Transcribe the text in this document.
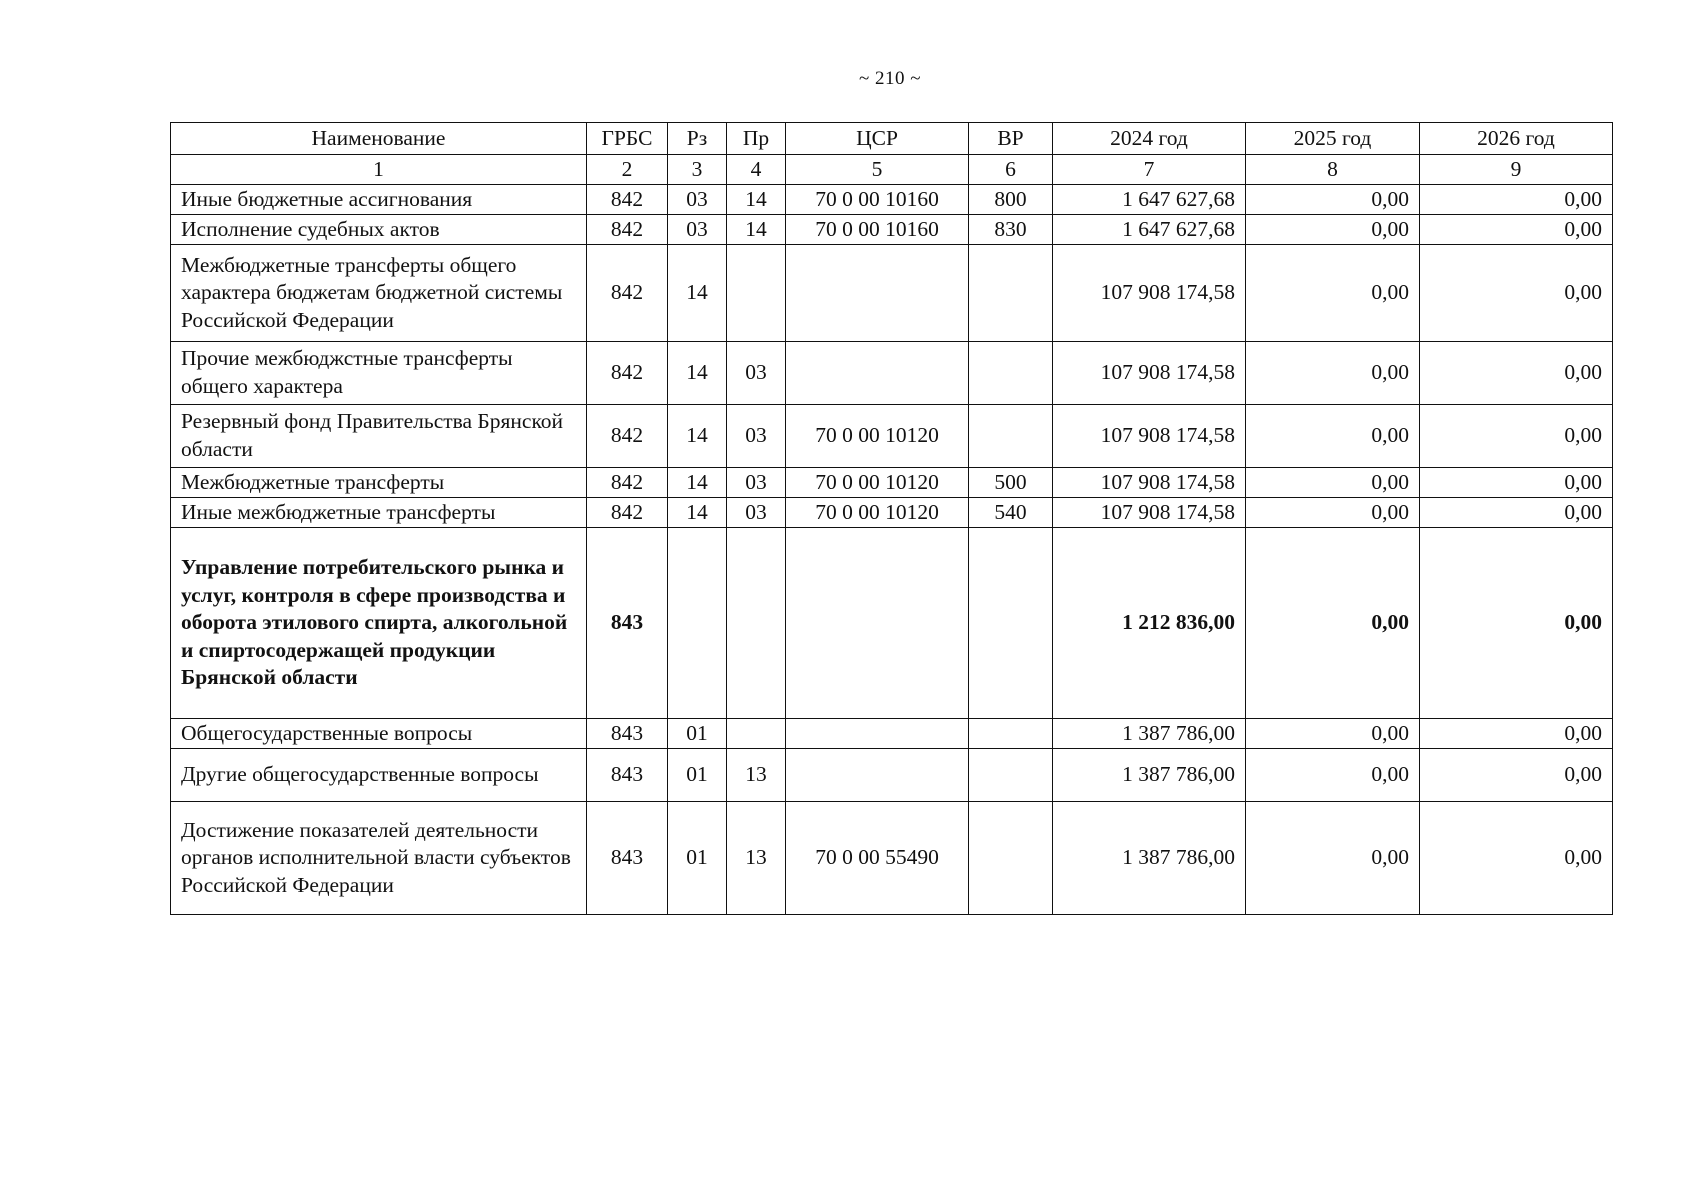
~ 210 ~
Наименование	ГРБС	Рз	Пр	ЦСР	ВР	2024 год	2025 год	2026 год
1	2	3	4	5	6	7	8	9
Иные бюджетные ассигнования	842	03	14	70 0 00 10160	800	1 647 627,68	0,00	0,00
Исполнение судебных актов	842	03	14	70 0 00 10160	830	1 647 627,68	0,00	0,00
Межбюджетные трансферты общего характера бюджетам бюджетной системы Российской Федерации	842	14				107 908 174,58	0,00	0,00
Прочие межбюджстные трансферты общего характера	842	14	03			107 908 174,58	0,00	0,00
Резервный фонд Правительства Брянской области	842	14	03	70 0 00 10120		107 908 174,58	0,00	0,00
Межбюджетные трансферты	842	14	03	70 0 00 10120	500	107 908 174,58	0,00	0,00
Иные межбюджетные трансферты	842	14	03	70 0 00 10120	540	107 908 174,58	0,00	0,00
Управление потребительского рынка и услуг, контроля в сфере производства и оборота этилового спирта, алкогольной и спиртосодержащей продукции Брянской области	843					1 212 836,00	0,00	0,00
Общегосударственные вопросы	843	01				1 387 786,00	0,00	0,00
Другие общегосударственные вопросы	843	01	13			1 387 786,00	0,00	0,00
Достижение показателей деятельности органов исполнительной власти субъектов Российской Федерации	843	01	13	70 0 00 55490		1 387 786,00	0,00	0,00
